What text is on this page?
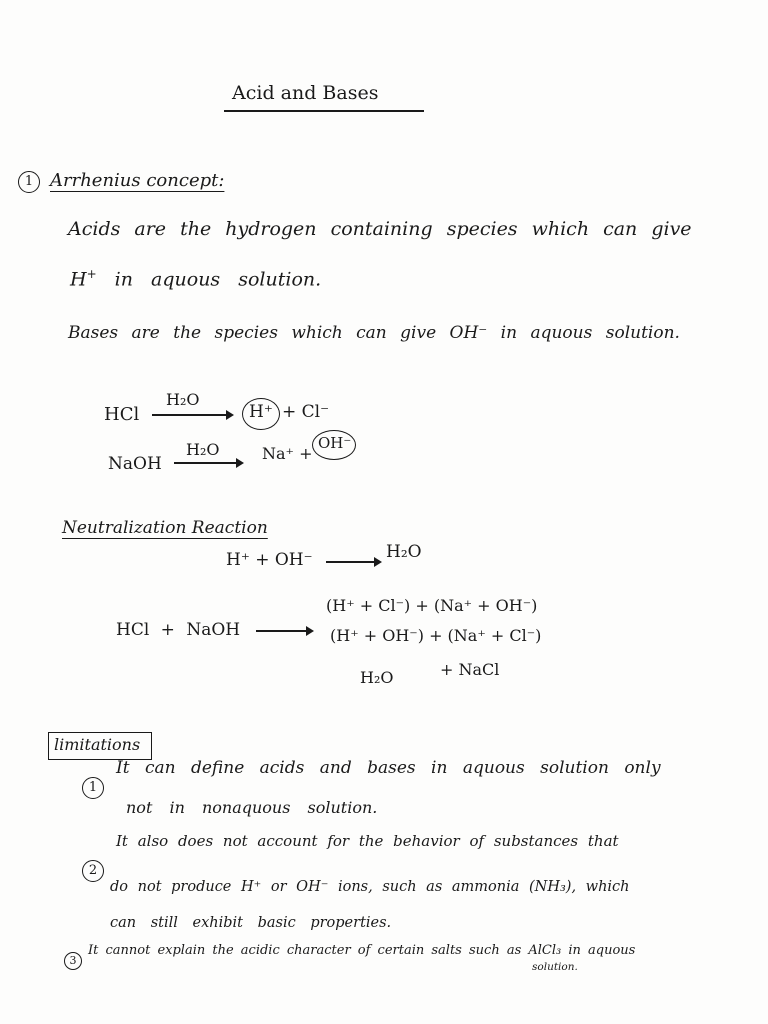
Acid and Bases
1 Arrhenius concept:
Acids are the hydrogen containing species which can give
H+ in aquous solution.
Bases are the species which can give OH⁻ in aquous solution.
HCl
H₂O
H⁺ + Cl⁻
NaOH
H₂O	Na⁺ +
OH⁻
Neutralization Reaction
H⁺ + OH⁻	H₂O
HCl + NaOH
(H⁺ + Cl⁻) + (Na⁺ + OH⁻)
(H⁺ + OH⁻) + (Na⁺ + Cl⁻)
H₂O	+ NaCl
limitations
1
It can define acids and bases in aquous solution only
not in nonaquous solution.
2
It also does not account for the behavior of substances that
do not produce H⁺ or OH⁻ ions, such as ammonia (NH₃), which
can still exhibit basic properties.
3
It cannot explain the acidic character of certain salts such as AlCl₃ in aquous
solution.
